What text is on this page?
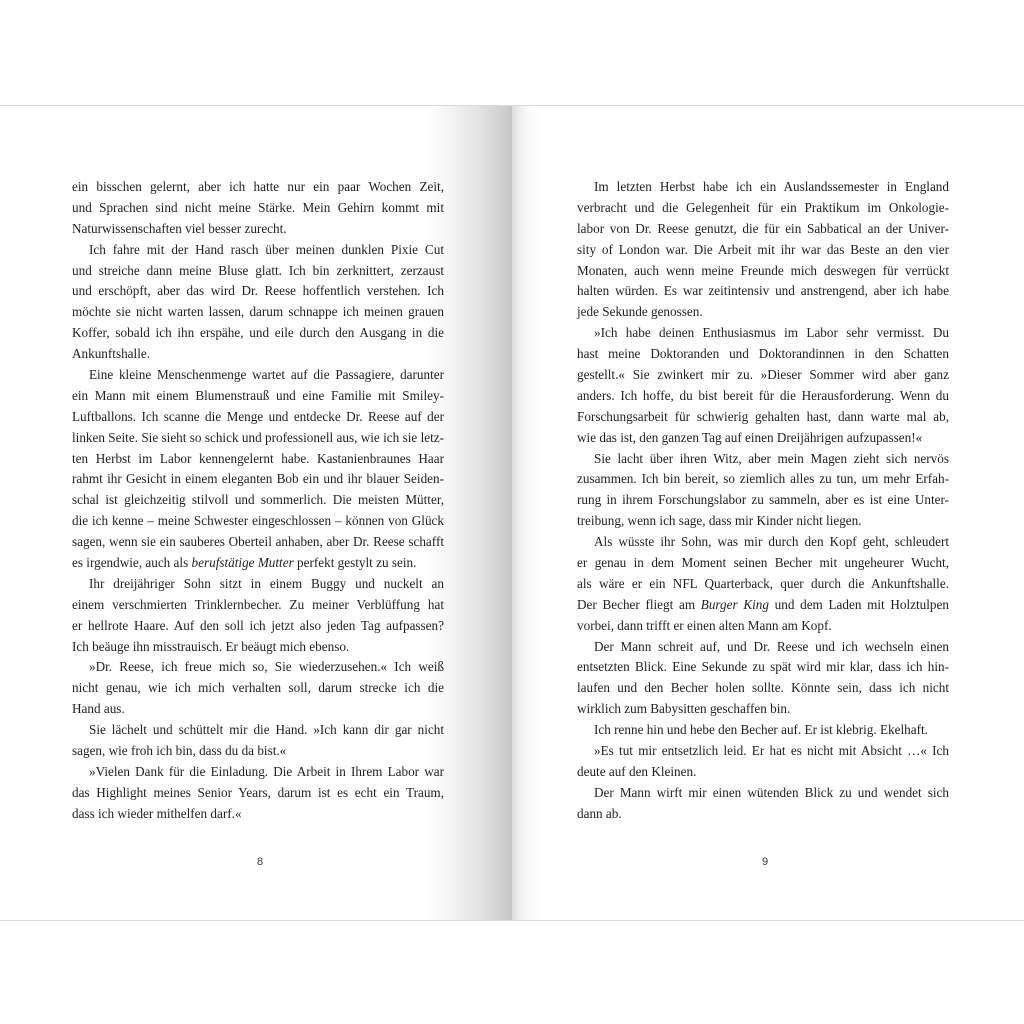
ein bisschen gelernt, aber ich hatte nur ein paar Wochen Zeit,
und Sprachen sind nicht meine Stärke. Mein Gehirn kommt mit
Naturwissenschaften viel besser zurecht.
Ich fahre mit der Hand rasch über meinen dunklen Pixie Cut
und streiche dann meine Bluse glatt. Ich bin zerknittert, zerzaust
und erschöpft, aber das wird Dr. Reese hoffentlich verstehen. Ich
möchte sie nicht warten lassen, darum schnappe ich meinen grauen
Koffer, sobald ich ihn erspähe, und eile durch den Ausgang in die
Ankunftshalle.
Eine kleine Menschenmenge wartet auf die Passagiere, darunter
ein Mann mit einem Blumenstrauß und eine Familie mit Smiley-
Luftballons. Ich scanne die Menge und entdecke Dr. Reese auf der
linken Seite. Sie sieht so schick und professionell aus, wie ich sie letz-
ten Herbst im Labor kennengelernt habe. Kastanienbraunes Haar
rahmt ihr Gesicht in einem eleganten Bob ein und ihr blauer Seiden-
schal ist gleichzeitig stilvoll und sommerlich. Die meisten Mütter,
die ich kenne – meine Schwester eingeschlossen – können von Glück
sagen, wenn sie ein sauberes Oberteil anhaben, aber Dr. Reese schafft
es irgendwie, auch als berufstätige Mutter perfekt gestylt zu sein.
Ihr dreijähriger Sohn sitzt in einem Buggy und nuckelt an
einem verschmierten Trinklernbecher. Zu meiner Verblüffung hat
er hellrote Haare. Auf den soll ich jetzt also jeden Tag aufpassen?
Ich beäuge ihn misstrauisch. Er beäugt mich ebenso.
»Dr. Reese, ich freue mich so, Sie wiederzusehen.« Ich weiß
nicht genau, wie ich mich verhalten soll, darum strecke ich die
Hand aus.
Sie lächelt und schüttelt mir die Hand. »Ich kann dir gar nicht
sagen, wie froh ich bin, dass du da bist.«
»Vielen Dank für die Einladung. Die Arbeit in Ihrem Labor war
das Highlight meines Senior Years, darum ist es echt ein Traum,
dass ich wieder mithelfen darf.«
8
Im letzten Herbst habe ich ein Auslandssemester in England
verbracht und die Gelegenheit für ein Praktikum im Onkologie-
labor von Dr. Reese genutzt, die für ein Sabbatical an der Univer-
sity of London war. Die Arbeit mit ihr war das Beste an den vier
Monaten, auch wenn meine Freunde mich deswegen für verrückt
halten würden. Es war zeitintensiv und anstrengend, aber ich habe
jede Sekunde genossen.
»Ich habe deinen Enthusiasmus im Labor sehr vermisst. Du
hast meine Doktoranden und Doktorandinnen in den Schatten
gestellt.« Sie zwinkert mir zu. »Dieser Sommer wird aber ganz
anders. Ich hoffe, du bist bereit für die Herausforderung. Wenn du
Forschungsarbeit für schwierig gehalten hast, dann warte mal ab,
wie das ist, den ganzen Tag auf einen Dreijährigen aufzupassen!«
Sie lacht über ihren Witz, aber mein Magen zieht sich nervös
zusammen. Ich bin bereit, so ziemlich alles zu tun, um mehr Erfah-
rung in ihrem Forschungslabor zu sammeln, aber es ist eine Unter-
treibung, wenn ich sage, dass mir Kinder nicht liegen.
Als wüsste ihr Sohn, was mir durch den Kopf geht, schleudert
er genau in dem Moment seinen Becher mit ungeheurer Wucht,
als wäre er ein NFL Quarterback, quer durch die Ankunftshalle.
Der Becher fliegt am Burger King und dem Laden mit Holztulpen
vorbei, dann trifft er einen alten Mann am Kopf.
Der Mann schreit auf, und Dr. Reese und ich wechseln einen
entsetzten Blick. Eine Sekunde zu spät wird mir klar, dass ich hin-
laufen und den Becher holen sollte. Könnte sein, dass ich nicht
wirklich zum Babysitten geschaffen bin.
Ich renne hin und hebe den Becher auf. Er ist klebrig. Ekelhaft.
»Es tut mir entsetzlich leid. Er hat es nicht mit Absicht …« Ich
deute auf den Kleinen.
Der Mann wirft mir einen wütenden Blick zu und wendet sich
dann ab.
9
